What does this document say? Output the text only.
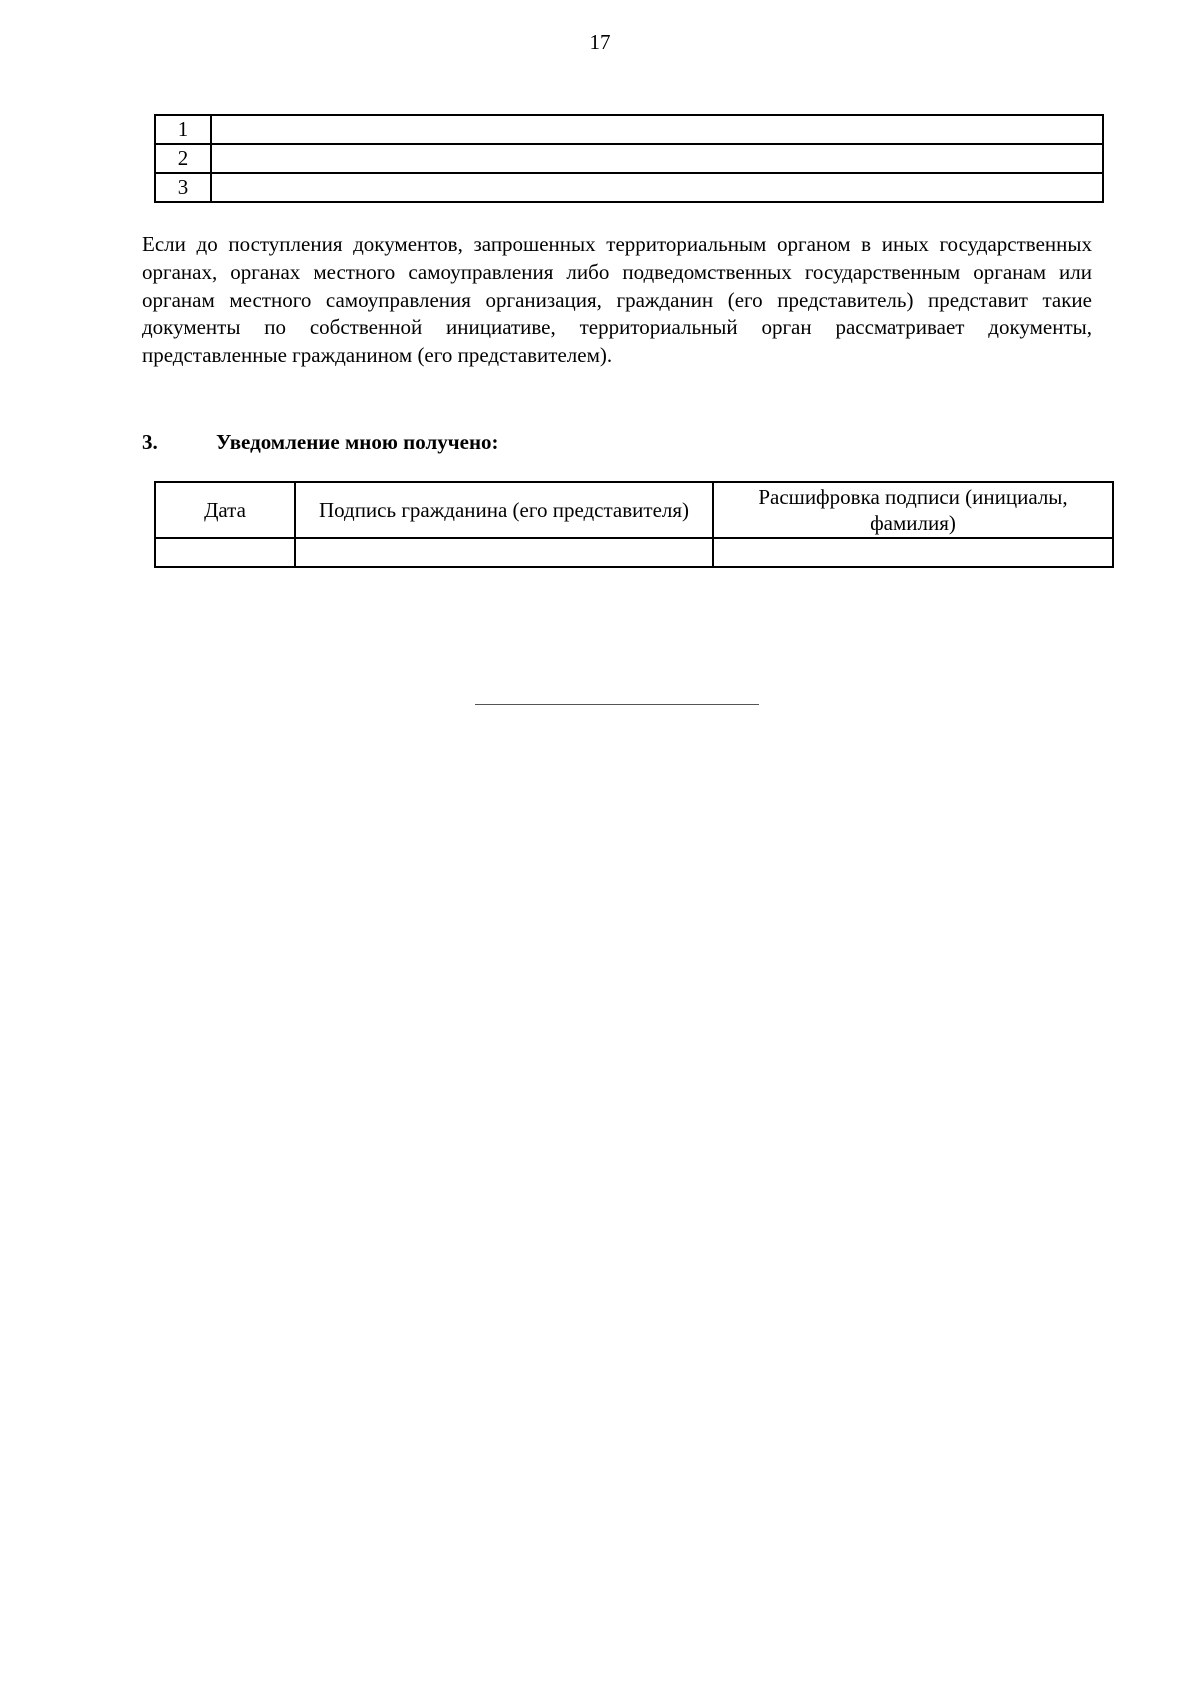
17
1	
2	
3	

Если до поступления документов, запрошенных территориальным органом в иных государственных органах, органах местного самоуправления либо подведомственных государственным органам или органам местного самоуправления организация, гражданин (его представитель) представит такие документы по собственной инициативе, территориальный орган рассматривает документы, представленные гражданином (его представителем).

3.	Уведомление мною получено:
Дата	Подпись гражданина (его представителя)	Расшифровка подписи (инициалы, фамилия)
